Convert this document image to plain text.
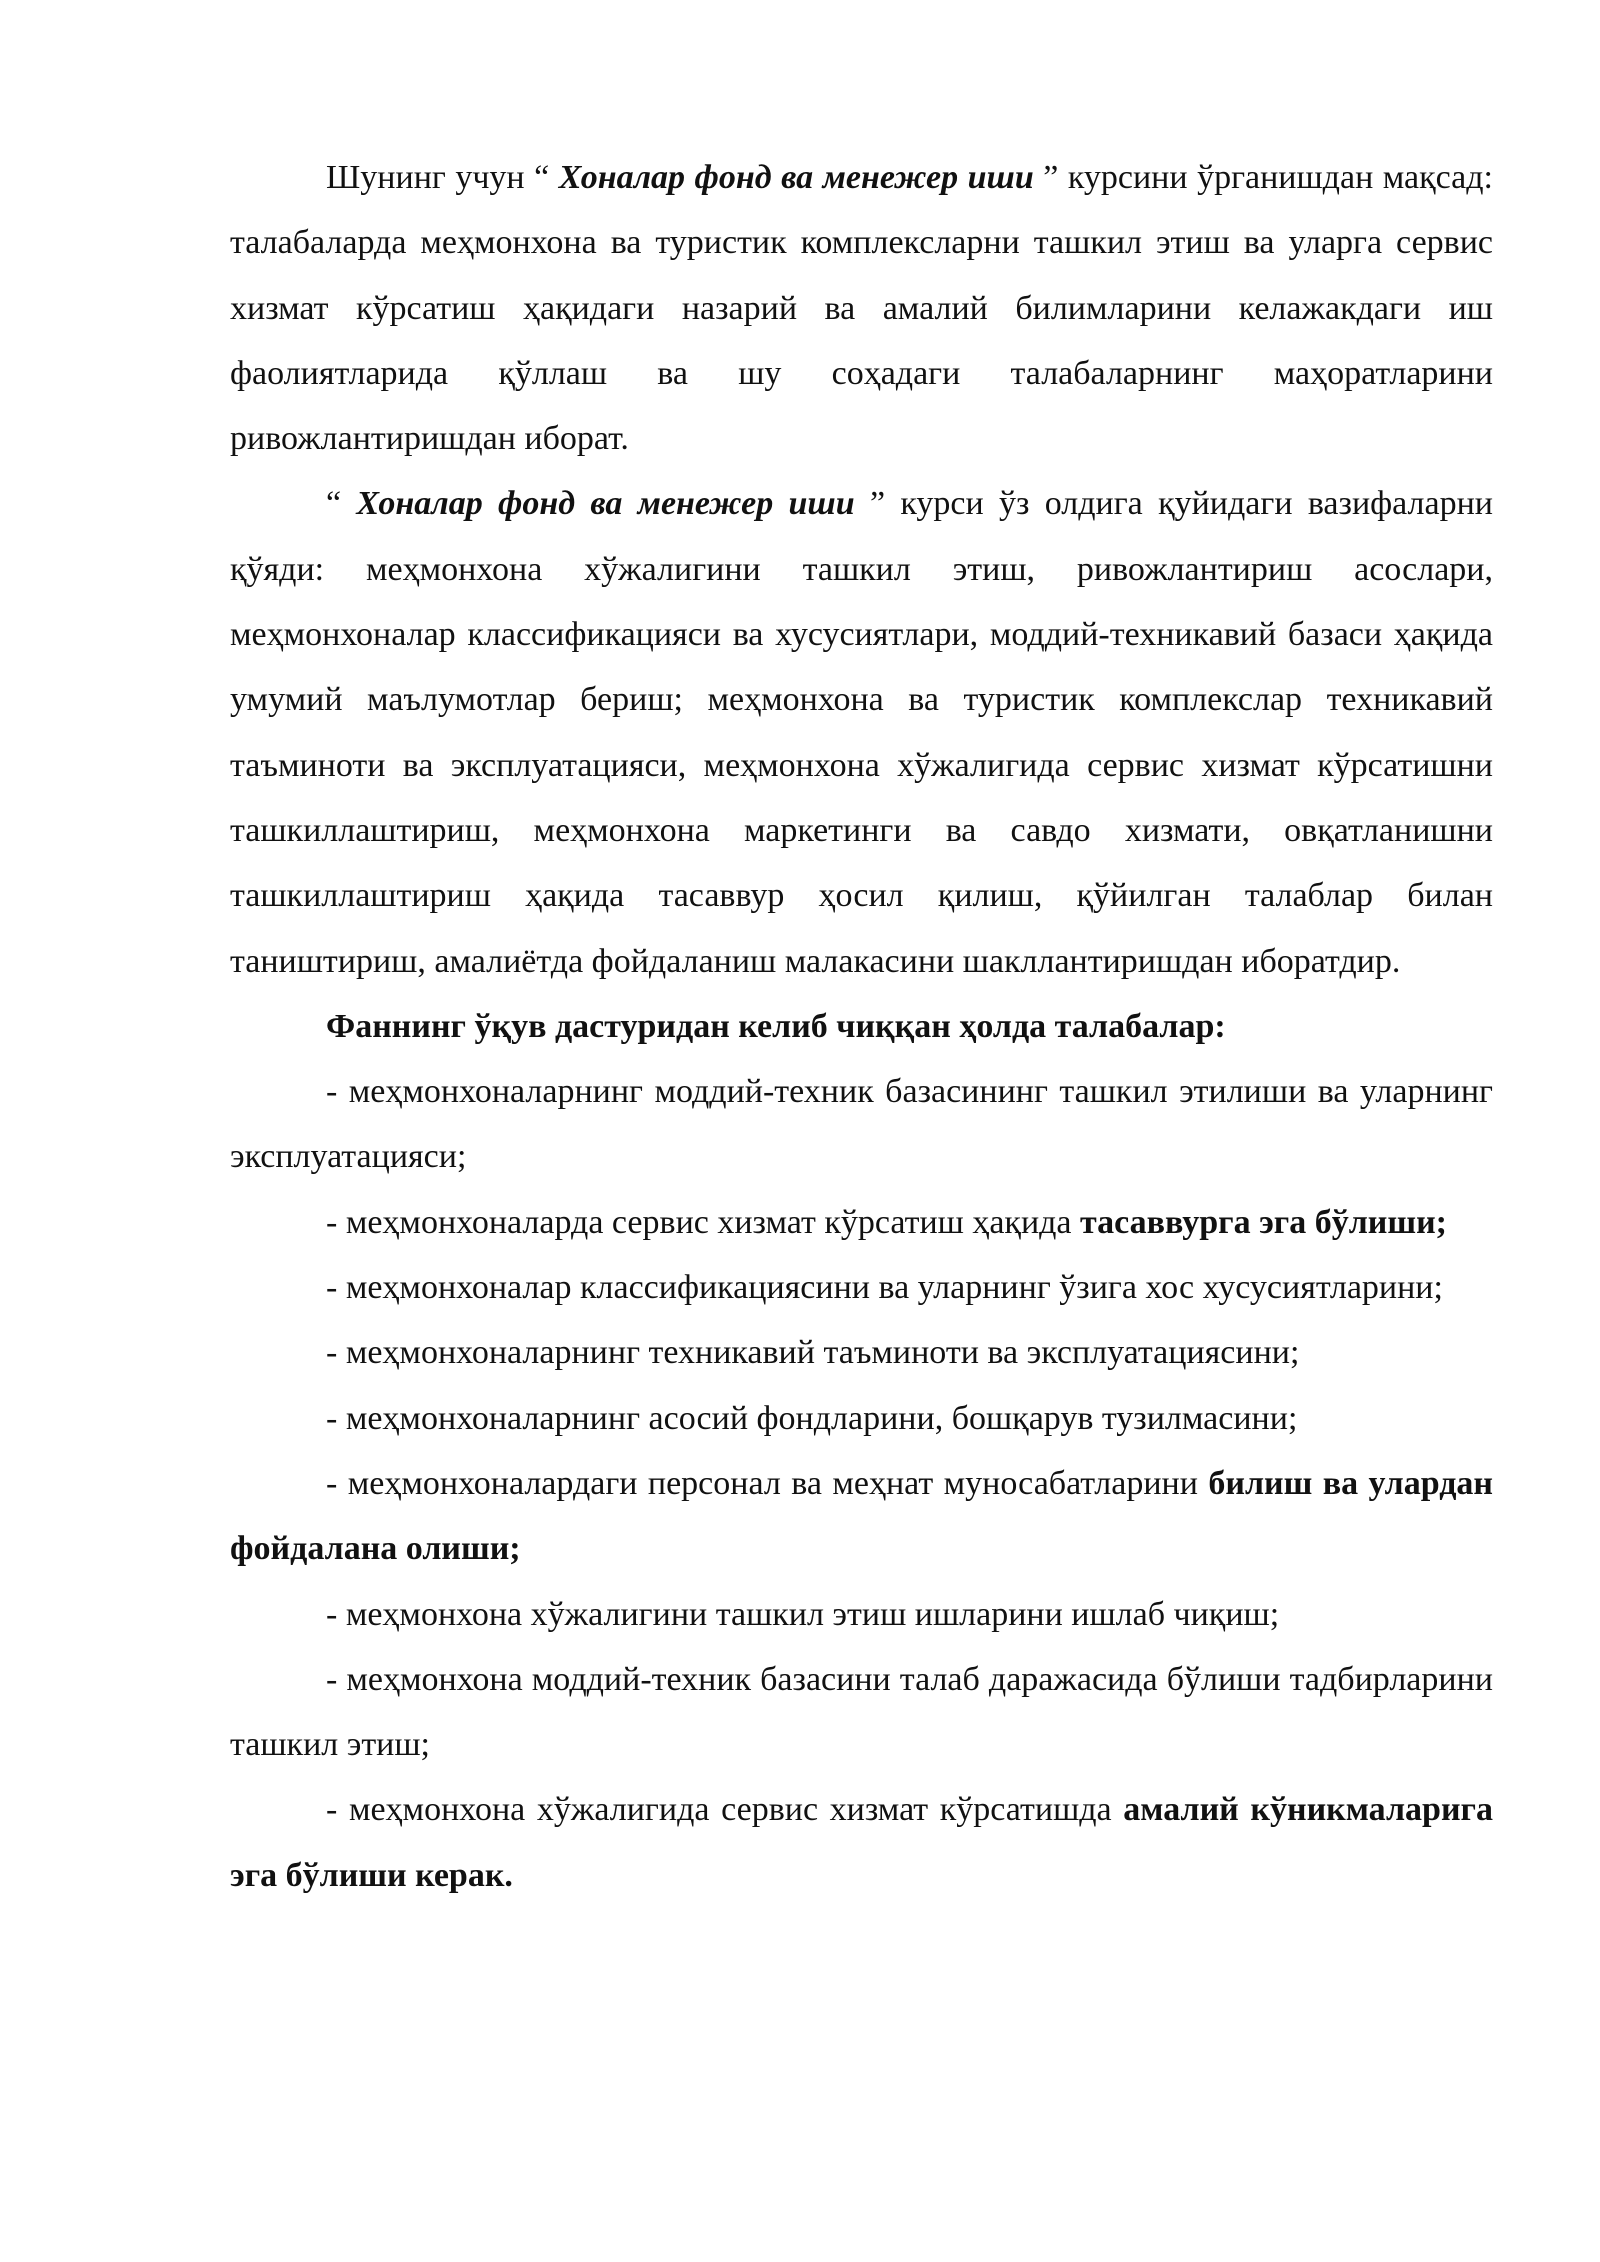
Шунинг учун “ Хоналар фонд ва менежер иши ” курсини ўрганишдан мақсад: талабаларда меҳмонхона ва туристик комплексларни ташкил этиш ва уларга сервис хизмат кўрсатиш ҳақидаги назарий ва амалий билимларини келажакдаги иш фаолиятларида қўллаш ва шу соҳадаги талабаларнинг маҳоратларини ривожлантиришдан иборат.

“ Хоналар фонд ва менежер иши ” курси ўз олдига қуйидаги вазифаларни қўяди: меҳмонхона хўжалигини ташкил этиш, ривожлантириш асослари, меҳмонхоналар классификацияси ва хусусиятлари, моддий-техникавий базаси ҳақида умумий маълумотлар бериш; меҳмонхона ва туристик комплекслар техникавий таъминоти ва эксплуатацияси, меҳмонхона хўжалигида сервис хизмат кўрсатишни ташкиллаштириш, меҳмонхона маркетинги ва савдо хизмати, овқатланишни ташкиллаштириш ҳақида тасаввур ҳосил қилиш, қўйилган талаблар билан таништириш, амалиётда фойдаланиш малакасини шакллантиришдан иборатдир.

Фаннинг ўқув дастуридан келиб чиққан ҳолда талабалар:

- меҳмонхоналарнинг моддий-техник базасининг ташкил этилиши ва уларнинг эксплуатацияси;

- меҳмонхоналарда сервис хизмат кўрсатиш ҳақида тасаввурга эга бўлиши;

- меҳмонхоналар классификациясини ва уларнинг ўзига хос хусусиятларини;

- меҳмонхоналарнинг техникавий таъминоти ва эксплуатациясини;

- меҳмонхоналарнинг асосий фондларини, бошқарув тузилмасини;

- меҳмонхоналардаги персонал ва меҳнат муносабатларини билиш ва улардан фойдалана олиши;

- меҳмонхона хўжалигини ташкил этиш ишларини ишлаб чиқиш;

- меҳмонхона моддий-техник базасини талаб даражасида бўлиши тадбирларини ташкил этиш;

- меҳмонхона хўжалигида сервис хизмат кўрсатишда амалий кўникмаларига эга бўлиши керак.
